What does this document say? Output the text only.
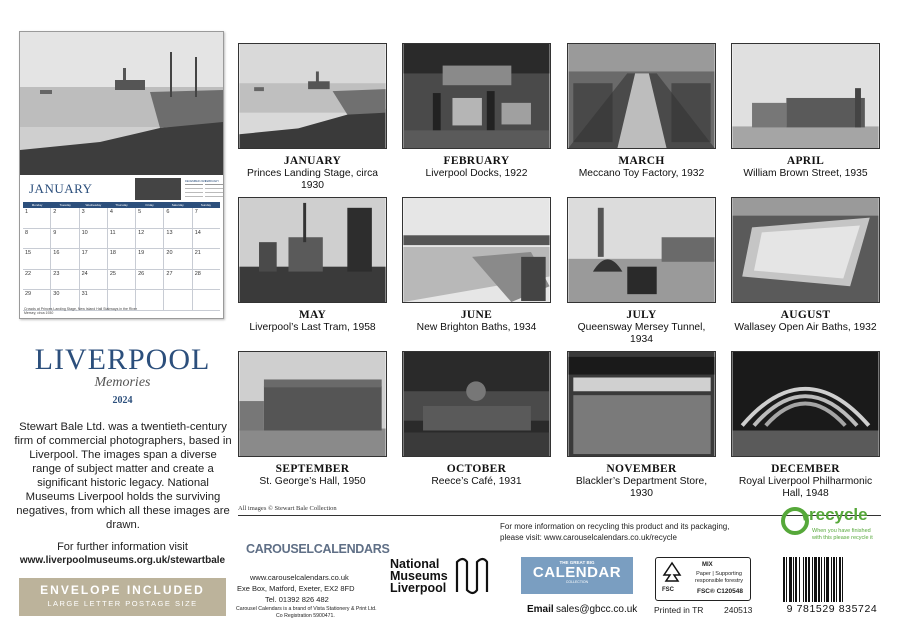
JANUARY	DECEMBER 2023
FEBRUARY
Monday	Tuesday	Wednesday	Thursday	Friday	Saturday	Sunday
1	2	3	4	5	6	7
8	9	10	11	12	13	14
15	16	17	18	19	20	21
22	23	24	25	26	27	28
29	30	31
Crowds at Princes Landing Stage, New Island Hall Stairways in the River Mersey, circa 1930
LIVERPOOL
Memories
2024
Stewart Bale Ltd. was a twentieth-century firm of commercial photographers, based in Liverpool. The images span a diverse range of subject matter and create a significant historic legacy. National Museums Liverpool holds the surviving negatives, from which all these images are drawn.
For further information visit
www.liverpoolmuseums.org.uk/stewartbale
ENVELOPE INCLUDED
LARGE LETTER POSTAGE SIZE
JANUARY
Princes Landing Stage, circa 1930
FEBRUARY
Liverpool Docks, 1922
MARCH
Meccano Toy Factory, 1932
APRIL
William Brown Street, 1935
MAY
Liverpool’s Last Tram, 1958
JUNE
New Brighton Baths, 1934
JULY
Queensway Mersey Tunnel, 1934
AUGUST
Wallasey Open Air Baths, 1932
SEPTEMBER
St. George’s Hall, 1950
OCTOBER
Reece’s Café, 1931
NOVEMBER
Blackler’s Department Store, 1930
DECEMBER
Royal Liverpool Philharmonic Hall, 1948
All images © Stewart Bale Collection
For more information on recycling this product and its packaging,
please visit: www.carouselcalendars.co.uk/recycle
recycle
When you have finished
with this please recycle it
CAROUSELCALENDARS
www.carouselcalendars.co.uk
Exe Box, Matford, Exeter, EX2 8FD
Tel. 01392 826 482
Carousel Calendars is a brand of Vista Stationery & Print Ltd.
Co Registration 5900471.
National
Museums
Liverpool
THE GREAT BIG
CALENDAR
COLLECTION
FSC
MIX
Paper | Supporting responsible forestry
FSC® C120548
9 781529 835724
Email sales@gbcc.co.uk Printed in TR 240513
